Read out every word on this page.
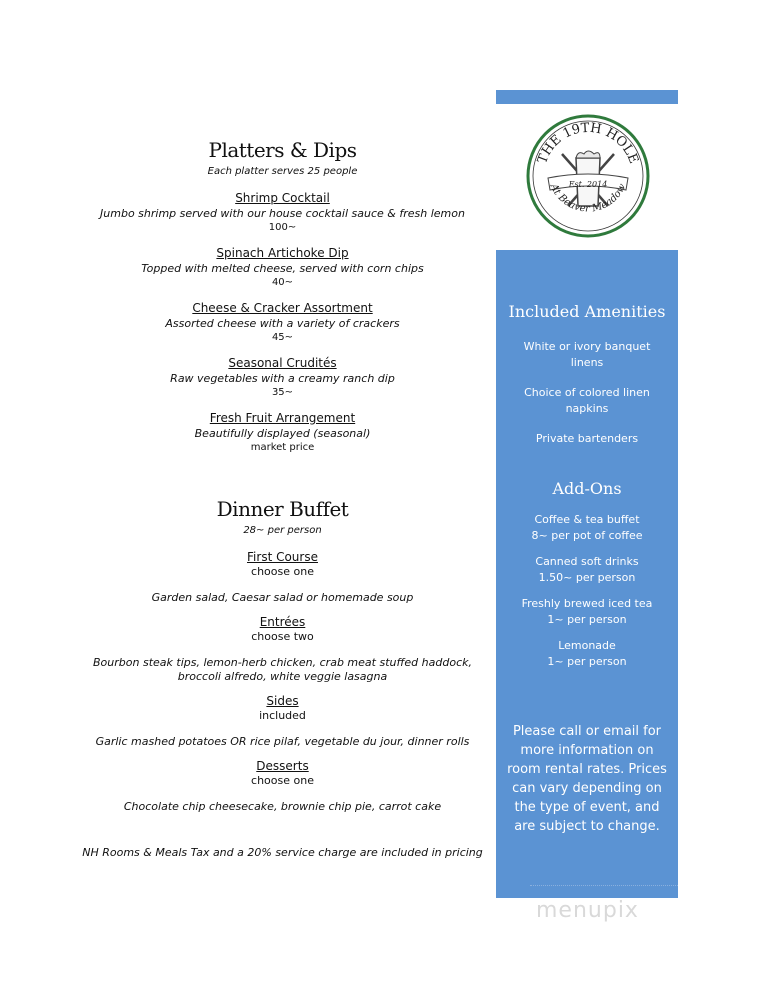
Platters & Dips
Each platter serves 25 people
Shrimp Cocktail
Jumbo shrimp served with our house cocktail sauce & fresh lemon
100~
Spinach Artichoke Dip
Topped with melted cheese, served with corn chips
40~
Cheese & Cracker Assortment
Assorted cheese with a variety of crackers
45~
Seasonal Crudités
Raw vegetables with a creamy ranch dip
35~
Fresh Fruit Arrangement
Beautifully displayed (seasonal)
market price
Dinner Buffet
28~ per person
First Course
choose one
Garden salad, Caesar salad or homemade soup
Entrées
choose two
Bourbon steak tips, lemon-herb chicken, crab meat stuffed haddock, broccoli alfredo, white veggie lasagna
Sides
included
Garlic mashed potatoes OR rice pilaf, vegetable du jour, dinner rolls
Desserts
choose one
Chocolate chip cheesecake, brownie chip pie, carrot cake
NH Rooms & Meals Tax and a 20% service charge are included in pricing
THE 19TH HOLE
Est. 2014
At Beaver Meadow
Included Amenities
White or ivory banquet linens
Choice of colored linen napkins
Private bartenders
Add-Ons
Coffee & tea buffet
8~ per pot of coffee
Canned soft drinks
1.50~ per person
Freshly brewed iced tea
1~ per person
Lemonade
1~ per person
Please call or email for more information on room rental rates. Prices can vary depending on the type of event, and are subject to change.
menupix
